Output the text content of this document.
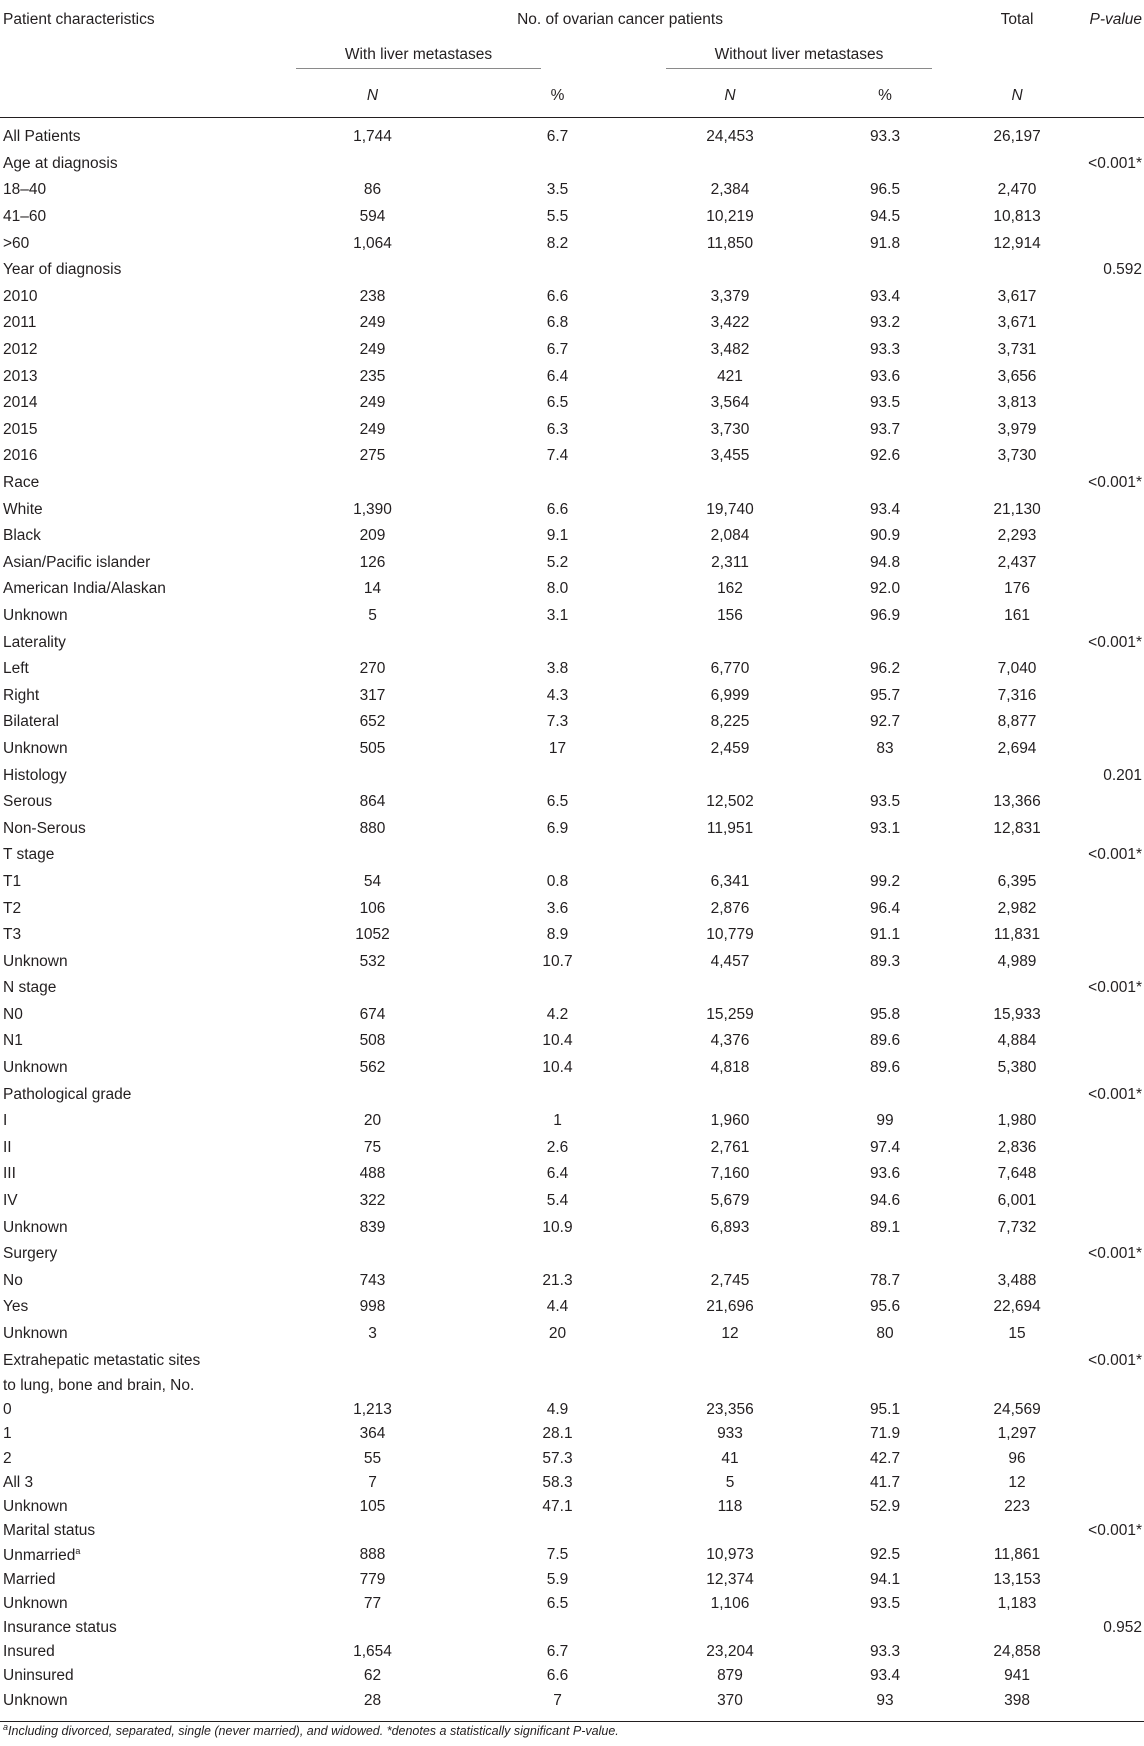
Patient characteristics	No. of ovarian cancer patients				Total	P-value

	With liver metastases		Without liver metastases			

	N	%	N	%	N	
All Patients	1,744	6.7	24,453	93.3	26,197	
Age at diagnosis						<0.001*
18–40	86	3.5	2,384	96.5	2,470	
41–60	594	5.5	10,219	94.5	10,813	
>60	1,064	8.2	11,850	91.8	12,914	
Year of diagnosis						0.592
2010	238	6.6	3,379	93.4	3,617	
2011	249	6.8	3,422	93.2	3,671	
2012	249	6.7	3,482	93.3	3,731	
2013	235	6.4	421	93.6	3,656	
2014	249	6.5	3,564	93.5	3,813	
2015	249	6.3	3,730	93.7	3,979	
2016	275	7.4	3,455	92.6	3,730	
Race						<0.001*
White	1,390	6.6	19,740	93.4	21,130	
Black	209	9.1	2,084	90.9	2,293	
Asian/Pacific islander	126	5.2	2,311	94.8	2,437	
American India/Alaskan	14	8.0	162	92.0	176	
Unknown	5	3.1	156	96.9	161	
Laterality						<0.001*
Left	270	3.8	6,770	96.2	7,040	
Right	317	4.3	6,999	95.7	7,316	
Bilateral	652	7.3	8,225	92.7	8,877	
Unknown	505	17	2,459	83	2,694	
Histology						0.201
Serous	864	6.5	12,502	93.5	13,366	
Non-Serous	880	6.9	11,951	93.1	12,831	
T stage						<0.001*
T1	54	0.8	6,341	99.2	6,395	
T2	106	3.6	2,876	96.4	2,982	
T3	1052	8.9	10,779	91.1	11,831	
Unknown	532	10.7	4,457	89.3	4,989	
N stage						<0.001*
N0	674	4.2	15,259	95.8	15,933	
N1	508	10.4	4,376	89.6	4,884	
Unknown	562	10.4	4,818	89.6	5,380	
Pathological grade						<0.001*
I	20	1	1,960	99	1,980	
II	75	2.6	2,761	97.4	2,836	
III	488	6.4	7,160	93.6	7,648	
IV	322	5.4	5,679	94.6	6,001	
Unknown	839	10.9	6,893	89.1	7,732	
Surgery						<0.001*
No	743	21.3	2,745	78.7	3,488	
Yes	998	4.4	21,696	95.6	22,694	
Unknown	3	20	12	80	15	
Extrahepatic metastatic sites						<0.001*
to lung, bone and brain, No.						
0	1,213	4.9	23,356	95.1	24,569	
1	364	28.1	933	71.9	1,297	
2	55	57.3	41	42.7	96	
All 3	7	58.3	5	41.7	12	
Unknown	105	47.1	118	52.9	223	
Marital status						<0.001*
Unmarried$^a$	888	7.5	10,973	92.5	11,861	
Married	779	5.9	12,374	94.1	13,153	
Unknown	77	6.5	1,106	93.5	1,183	
Insurance status						0.952
Insured	1,654	6.7	23,204	93.3	24,858	
Uninsured	62	6.6	879	93.4	941	
Unknown	28	7	370	93	398	
$^a$Including divorced, separated, single (never married), and widowed. *denotes a statistically significant P-value.
